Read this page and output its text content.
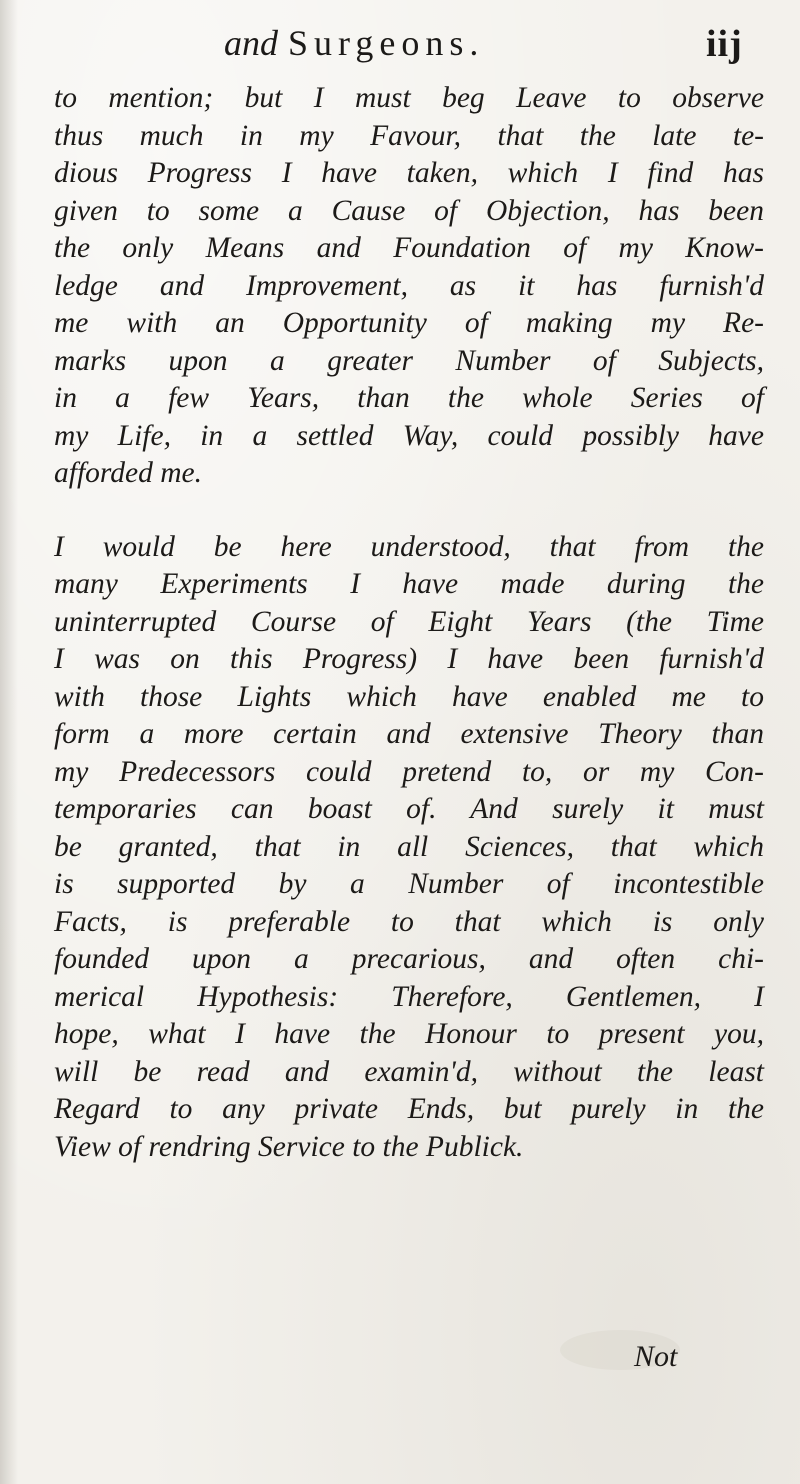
and Surgeons.	iij
to mention; but I must beg Leave to observe
thus much in my Favour, that the late te-
dious Progress I have taken, which I find has
given to some a Cause of Objection, has been
the only Means and Foundation of my Know-
ledge and Improvement, as it has furnish'd
me with an Opportunity of making my Re-
marks upon a greater Number of Subjects,
in a few Years, than the whole Series of
my Life, in a settled Way, could possibly have
afforded me.
I would be here understood, that from the
many Experiments I have made during the
uninterrupted Course of Eight Years (the Time
I was on this Progress) I have been furnish'd
with those Lights which have enabled me to
form a more certain and extensive Theory than
my Predecessors could pretend to, or my Con-
temporaries can boast of. And surely it must
be granted, that in all Sciences, that which
is supported by a Number of incontestible
Facts, is preferable to that which is only
founded upon a precarious, and often chi-
merical Hypothesis: Therefore, Gentlemen, I
hope, what I have the Honour to present you,
will be read and examin'd, without the least
Regard to any private Ends, but purely in the
View of rendring Service to the Publick.
Not
